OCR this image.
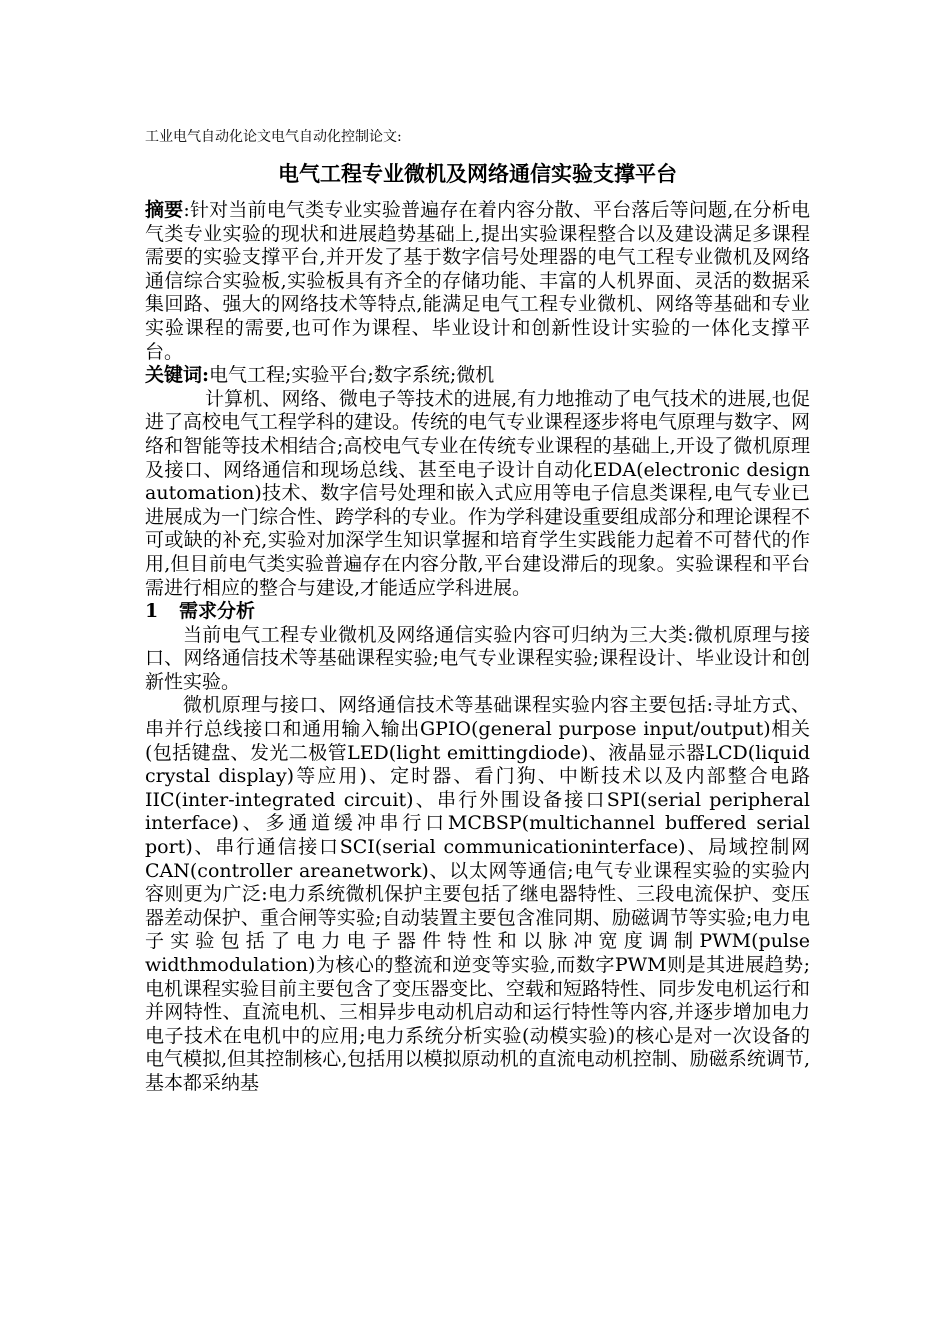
工业电气自动化论文电气自动化控制论文:
电气工程专业微机及网络通信实验支撑平台

摘要:针对当前电气类专业实验普遍存在着内容分散、平台落后等问题,在分析电气类专业实验的现状和进展趋势基础上,提出实验课程整合以及建设满足多课程需要的实验支撑平台,并开发了基于数字信号处理器的电气工程专业微机及网络通信综合实验板,实验板具有齐全的存储功能、丰富的人机界面、灵活的数据采集回路、强大的网络技术等特点,能满足电气工程专业微机、网络等基础和专业实验课程的需要,也可作为课程、毕业设计和创新性设计实验的一体化支撑平台。

关键词:电气工程;实验平台;数字系统;微机

计算机、网络、微电子等技术的进展,有力地推动了电气技术的进展,也促进了高校电气工程学科的建设。传统的电气专业课程逐步将电气原理与数字、网络和智能等技术相结合;高校电气专业在传统专业课程的基础上,开设了微机原理及接口、网络通信和现场总线、甚至电子设计自动化EDA(electronic design automation)技术、数字信号处理和嵌入式应用等电子信息类课程,电气专业已进展成为一门综合性、跨学科的专业。作为学科建设重要组成部分和理论课程不可或缺的补充,实验对加深学生知识掌握和培育学生实践能力起着不可替代的作用,但目前电气类实验普遍存在内容分散,平台建设滞后的现象。实验课程和平台需进行相应的整合与建设,才能适应学科进展。

1 需求分析

当前电气工程专业微机及网络通信实验内容可归纳为三大类:微机原理与接口、网络通信技术等基础课程实验;电气专业课程实验;课程设计、毕业设计和创新性实验。

微机原理与接口、网络通信技术等基础课程实验内容主要包括:寻址方式、串并行总线接口和通用输入输出GPIO(general purpose input/output)相关(包括键盘、发光二极管LED(light emittingdiode)、液晶显示器LCD(liquid crystal display)等应用)、定时器、看门狗、中断技术以及内部整合电路IIC(inter-integrated circuit)、串行外围设备接口SPI(serial peripheral interface)、多通道缓冲串行口MCBSP(multichannel buffered serial port)、串行通信接口SCI(serial communicationinterface)、局域控制网CAN(controller areanetwork)、以太网等通信;电气专业课程实验的实验内容则更为广泛:电力系统微机保护主要包括了继电器特性、三段电流保护、变压器差动保护、重合闸等实验;自动装置主要包含准同期、励磁调节等实验;电力电子实验包括了电力电子器件特性和以脉冲宽度调制PWM(pulse widthmodulation)为核心的整流和逆变等实验,而数字PWM则是其进展趋势;电机课程实验目前主要包含了变压器变比、空载和短路特性、同步发电机运行和并网特性、直流电机、三相异步电动机启动和运行特性等内容,并逐步增加电力电子技术在电机中的应用;电力系统分析实验(动模实验)的核心是对一次设备的电气模拟,但其控制核心,包括用以模拟原动机的直流电动机控制、励磁系统调节,基本都采纳基
